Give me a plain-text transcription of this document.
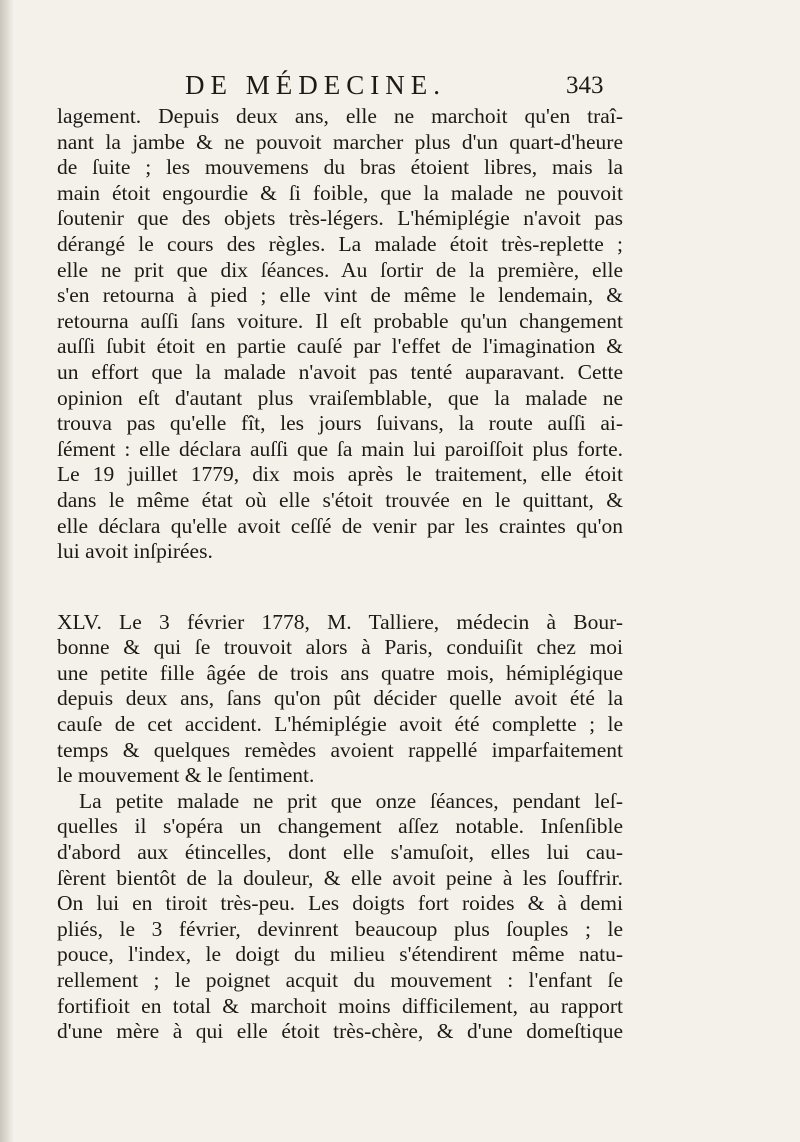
DE MÉDECINE.	343
lagement. Depuis deux ans, elle ne marchoit qu'en traî-
nant la jambe & ne pouvoit marcher plus d'un quart-d'heure
de ſuite ; les mouvemens du bras étoient libres, mais la
main étoit engourdie & ſi foible, que la malade ne pouvoit
ſoutenir que des objets très-légers. L'hémiplégie n'avoit pas
dérangé le cours des règles. La malade étoit très-replette ;
elle ne prit que dix ſéances. Au ſortir de la première, elle
s'en retourna à pied ; elle vint de même le lendemain, &
retourna auſſi ſans voiture. Il eſt probable qu'un changement
auſſi ſubit étoit en partie cauſé par l'effet de l'imagination &
un effort que la malade n'avoit pas tenté auparavant. Cette
opinion eſt d'autant plus vraiſemblable, que la malade ne
trouva pas qu'elle fît, les jours ſuivans, la route auſſi ai-
ſément : elle déclara auſſi que ſa main lui paroiſſoit plus forte.
Le 19 juillet 1779, dix mois après le traitement, elle étoit
dans le même état où elle s'étoit trouvée en le quittant, &
elle déclara qu'elle avoit ceſſé de venir par les craintes qu'on
lui avoit inſpirées.
XLV. Le 3 février 1778, M. Talliere, médecin à Bour-
bonne & qui ſe trouvoit alors à Paris, conduiſit chez moi
une petite fille âgée de trois ans quatre mois, hémiplégique
depuis deux ans, ſans qu'on pût décider quelle avoit été la
cauſe de cet accident. L'hémiplégie avoit été complette ; le
temps & quelques remèdes avoient rappellé imparfaitement
le mouvement & le ſentiment.
La petite malade ne prit que onze ſéances, pendant leſ-
quelles il s'opéra un changement aſſez notable. Inſenſible
d'abord aux étincelles, dont elle s'amuſoit, elles lui cau-
ſèrent bientôt de la douleur, & elle avoit peine à les ſouffrir.
On lui en tiroit très-peu. Les doigts fort roides & à demi
pliés, le 3 février, devinrent beaucoup plus ſouples ; le
pouce, l'index, le doigt du milieu s'étendirent même natu-
rellement ; le poignet acquit du mouvement : l'enfant ſe
fortifioit en total & marchoit moins difficilement, au rapport
d'une mère à qui elle étoit très-chère, & d'une domeſtique
